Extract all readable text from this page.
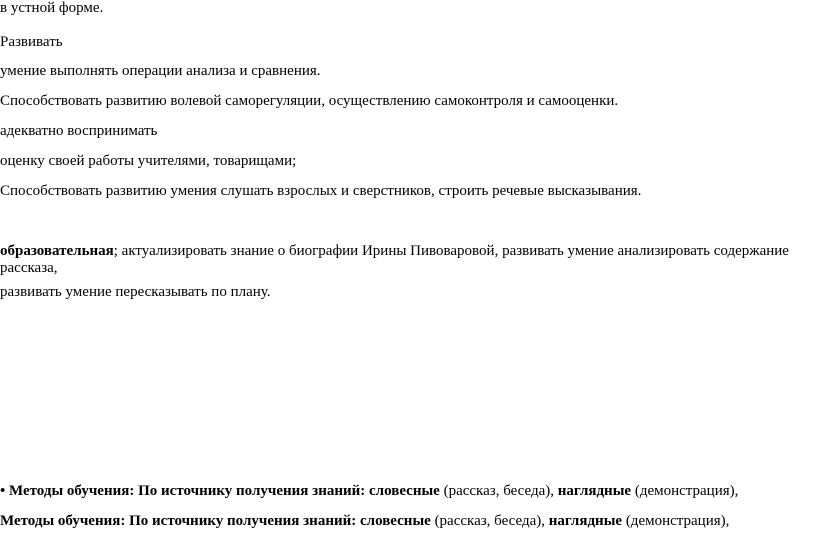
в устной форме.
Развивать
умение выполнять операции анализа и сравнения.
Способствовать развитию волевой саморегуляции, осуществлению самоконтроля и самооценки.
адекватно воспринимать
оценку своей работы учителями, товарищами;
Способствовать развитию умения слушать взрослых и сверстников, строить речевые высказывания.
образовательная; актуализировать знание о биографии Ирины Пивоваровой, развивать умение анализировать содержание рассказа,
развивать умение пересказывать по плану.
• Методы обучения: По источнику получения знаний: словесные (рассказ, беседа), наглядные (демонстрация),
Методы обучения: По источнику получения знаний: словесные (рассказ, беседа), наглядные (демонстрация),
